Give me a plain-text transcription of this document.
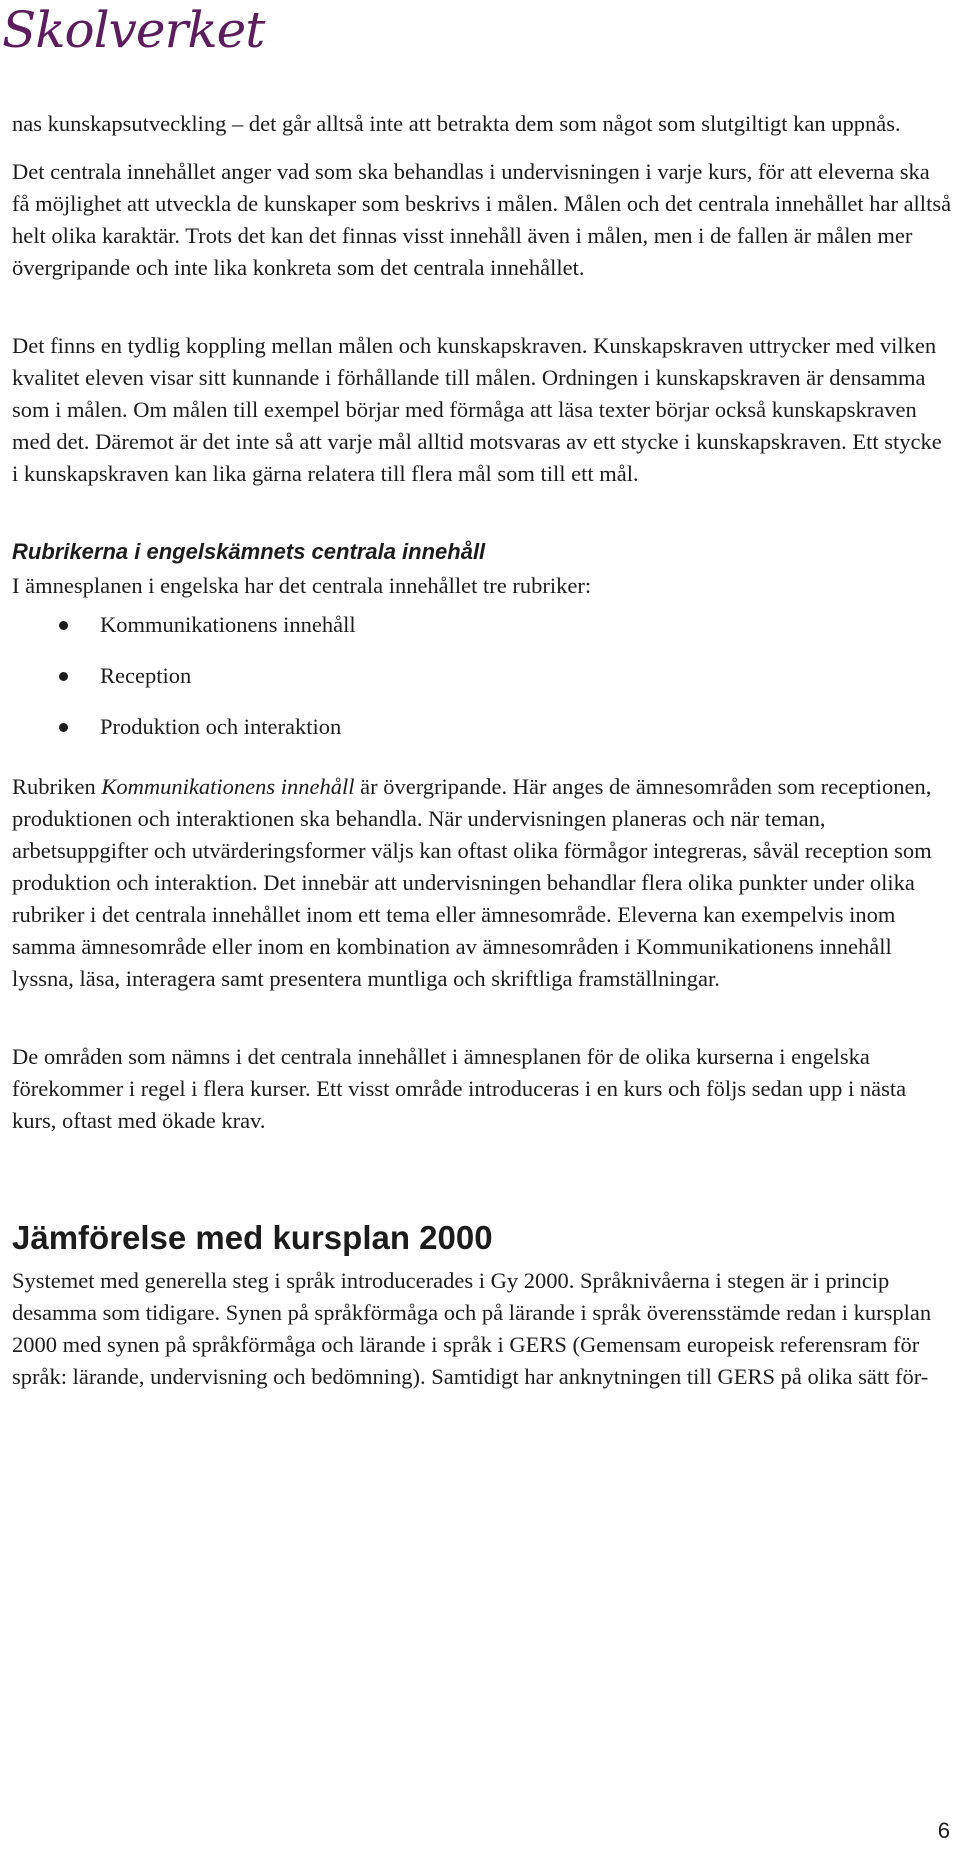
Skolverket

nas kunskapsutveckling – det går alltså inte att betrakta dem som något som slutgiltigt kan uppnås.

Det centrala innehållet anger vad som ska behandlas i undervisningen i varje kurs, för att eleverna ska få möjlighet att utveckla de kunskaper som beskrivs i målen. Målen och det centrala innehållet har alltså helt olika karaktär. Trots det kan det finnas visst innehåll även i målen, men i de fallen är målen mer övergripande och inte lika konkreta som det centrala innehållet.

Det finns en tydlig koppling mellan målen och kunskapskraven. Kunskapskraven uttrycker med vilken kvalitet eleven visar sitt kunnande i förhållande till målen. Ordningen i kunskapskraven är densamma som i målen. Om målen till exempel börjar med förmåga att läsa texter börjar också kunskapskraven med det. Däremot är det inte så att varje mål alltid motsvaras av ett stycke i kunskapskraven. Ett stycke i kunskapskraven kan lika gärna relatera till flera mål som till ett mål.

Rubrikerna i engelskämnets centrala innehåll

I ämnesplanen i engelska har det centrala innehållet tre rubriker:

Kommunikationens innehåll
Reception
Produktion och interaktion

Rubriken Kommunikationens innehåll är övergripande. Här anges de ämnesområden som receptionen, produktionen och interaktionen ska behandla. När undervisningen planeras och när teman, arbetsuppgifter och utvärderingsformer väljs kan oftast olika förmågor integreras, såväl reception som produktion och interaktion. Det innebär att undervisningen behandlar flera olika punkter under olika rubriker i det centrala innehållet inom ett tema eller ämnesområde. Eleverna kan exempelvis inom samma ämnesområde eller inom en kombination av ämnesområden i Kommunikationens innehåll lyssna, läsa, interagera samt presentera muntliga och skriftliga framställningar.

De områden som nämns i det centrala innehållet i ämnesplanen för de olika kurserna i engelska förekommer i regel i flera kurser. Ett visst område introduceras i en kurs och följs sedan upp i nästa kurs, oftast med ökade krav.

Jämförelse med kursplan 2000

Systemet med generella steg i språk introducerades i Gy 2000. Språknivåerna i stegen är i princip desamma som tidigare. Synen på språkförmåga och på lärande i språk överensstämde redan i kursplan 2000 med synen på språkförmåga och lärande i språk i GERS (Gemensam europeisk referensram för språk: lärande, undervisning och bedömning). Samtidigt har anknytningen till GERS på olika sätt för-

6
